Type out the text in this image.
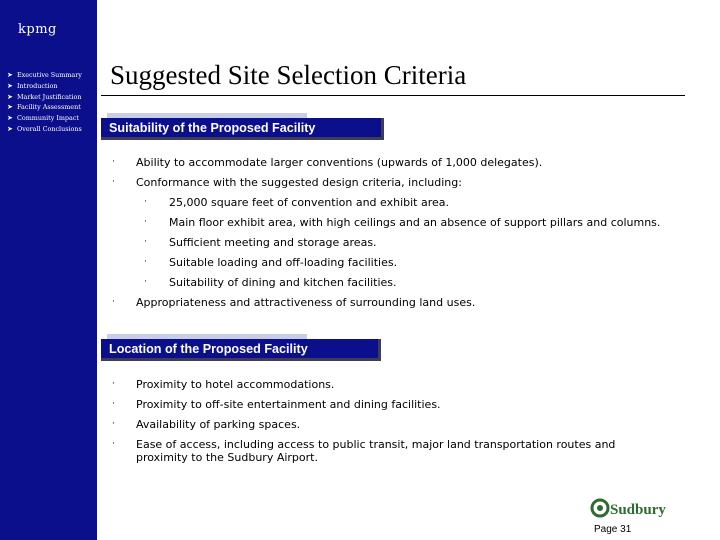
kpmg
➤ Executive Summary
➤ Introduction
➤ Market Justification
➤ Facility Assessment
➤ Community Impact
➤ Overall Conclusions
Suggested Site Selection Criteria
Suitability of the Proposed Facility
· Ability to accommodate larger conventions (upwards of 1,000 delegates).
· Conformance with the suggested design criteria, including:
· 25,000 square feet of convention and exhibit area.
· Main floor exhibit area, with high ceilings and an absence of support pillars and columns.
· Sufficient meeting and storage areas.
· Suitable loading and off-loading facilities.
· Suitability of dining and kitchen facilities.
· Appropriateness and attractiveness of surrounding land uses.
Location of the Proposed Facility
· Proximity to hotel accommodations.
· Proximity to off-site entertainment and dining facilities.
· Availability of parking spaces.
· Ease of access, including access to public transit, major land transportation routes and proximity to the Sudbury Airport.
Sudbury
Page 31
